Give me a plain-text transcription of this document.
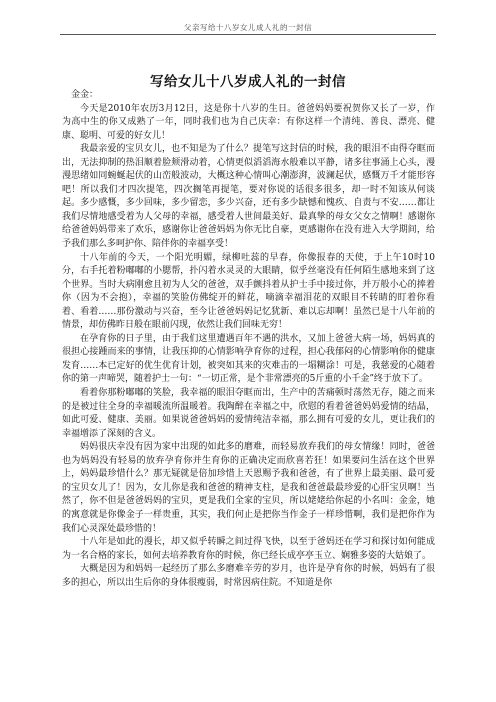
父亲写给十八岁女儿成人礼的一封信
写给女儿十八岁成人礼的一封信

金金：

今天是2010年农历3月12日，这是你十八岁的生日。爸爸妈妈要祝贺你又长了一岁，作为高中生的你又成熟了一年，同时我们也为自己庆幸：有你这样一个清纯、善良、漂亮、健康、聪明、可爱的好女儿！

我最亲爱的宝贝女儿，也不知是为了什么？提笔写这封信的时候，我的眼泪不由得夺眶而出，无法抑制的热泪顺着脸颊滑动着，心情更似滔滔海水般难以平静，诸多往事涌上心头，漫漫思绪如同蜿蜒起伏的山峦般波动，大概这种心情叫心潮澎湃，波澜起伏，感慨万千才能形容吧！所以我们才四次提笔，四次搁笔再提笔，要对你说的话很多很多，却一时不知该从何谈起。多少感慨，多少回味，多少留恋，多少兴奋，还有多少缺憾和愧疚、自责与不安……都让我们尽情地感受着为人父母的幸福，感受着人世间最美好、最真挚的母女父女之情啊！感谢你给爸爸妈妈带来了欢乐，感谢你让爸爸妈妈为你无比自豪，更感谢你在没有进入大学期间，给予我们那么多呵护你、陪伴你的幸福享受！

十八年前的今天，一个阳光明媚，绿柳吐蕊的早春，你像报春的天使，于上午10时10分，右手托着粉嘟嘟的小腮帮，扑闪着水灵灵的大眼睛，似乎丝毫没有任何陌生感地来到了这个世界。当时大病刚愈且初为人父的爸爸，双手颤抖着从护士手中接过你，并万般小心的捧着你（因为不会抱），幸福的笑脸仿佛绽开的鲜花，嘀滴幸福泪花的双眼目不转睛的盯着你看着、看着……那份激动与兴奋，至今让爸爸妈妈记忆犹新、难以忘却啊！虽然已是十八年前的情景，却仿佛昨日般在眼前闪现，依然让我们回味无穷！

在孕育你的日子里，由于我们这里遭遇百年不遇的洪水，又加上爸爸大病一场，妈妈真的很担心接踵而来的事情，让我压抑的心情影响孕育你的过程，担心我郁闷的心情影响你的健康发育……本已定好的优生优育计划，被突如其来的灾难击的一塌糊涂！可是，我慈爱的心随着你的第一声啼哭，随着护士一句：“一切正常，是个非常漂亮的5斤重的小千金”终于放下了。

看着你那粉嘟嘟的笑脸，我幸福的眼泪夺眶而出，生产中的苦痛顿时荡然无存，随之而来的是被过往全身的幸福暖流所温暖着。我陶醉在幸福之中，欣慰的看着爸爸妈妈爱情的结晶，如此可爱、健康、美丽。如果说爸爸妈妈的爱情纯洁幸福，那么拥有可爱的女儿，更让我们的幸福增添了深刻的含义。

妈妈很庆幸没有因为家中出现的如此多的磨难，而轻易放弃我们的母女情缘！同时，爸爸也为妈妈没有轻易的放弃孕育你并生育你的正确决定而欣喜若狂！如果要问生活在这个世界上，妈妈最珍惜什么？那无疑就是倍加珍惜上天恩赐予我和爸爸，有了世界上最美丽、最可爱的宝贝女儿了！因为，女儿你是我和爸爸的精神支柱，是我和爸爸最最珍爱的心肝宝贝啊！当然了，你不但是爸爸妈妈的宝贝，更是我们全家的宝贝，所以姥姥给你起的小名叫：金金，她的寓意就是你像金子一样贵重，其实，我们何止是把你当作金子一样珍惜啊，我们是把你作为我们心灵深处最珍惜的！

十八年是如此的漫长，却又似乎转瞬之间过得飞快，以至于爸妈还在学习和探讨如何能成为一名合格的家长，如何去培养教育你的时候，你已经长成亭亭玉立、娴雅多姿的大姑娘了。

大概是因为和妈妈一起经历了那么多磨难辛劳的岁月，也许是孕育你的时候，妈妈有了很多的担心，所以出生后你的身体很瘦弱，时常因病住院。不知道是你
